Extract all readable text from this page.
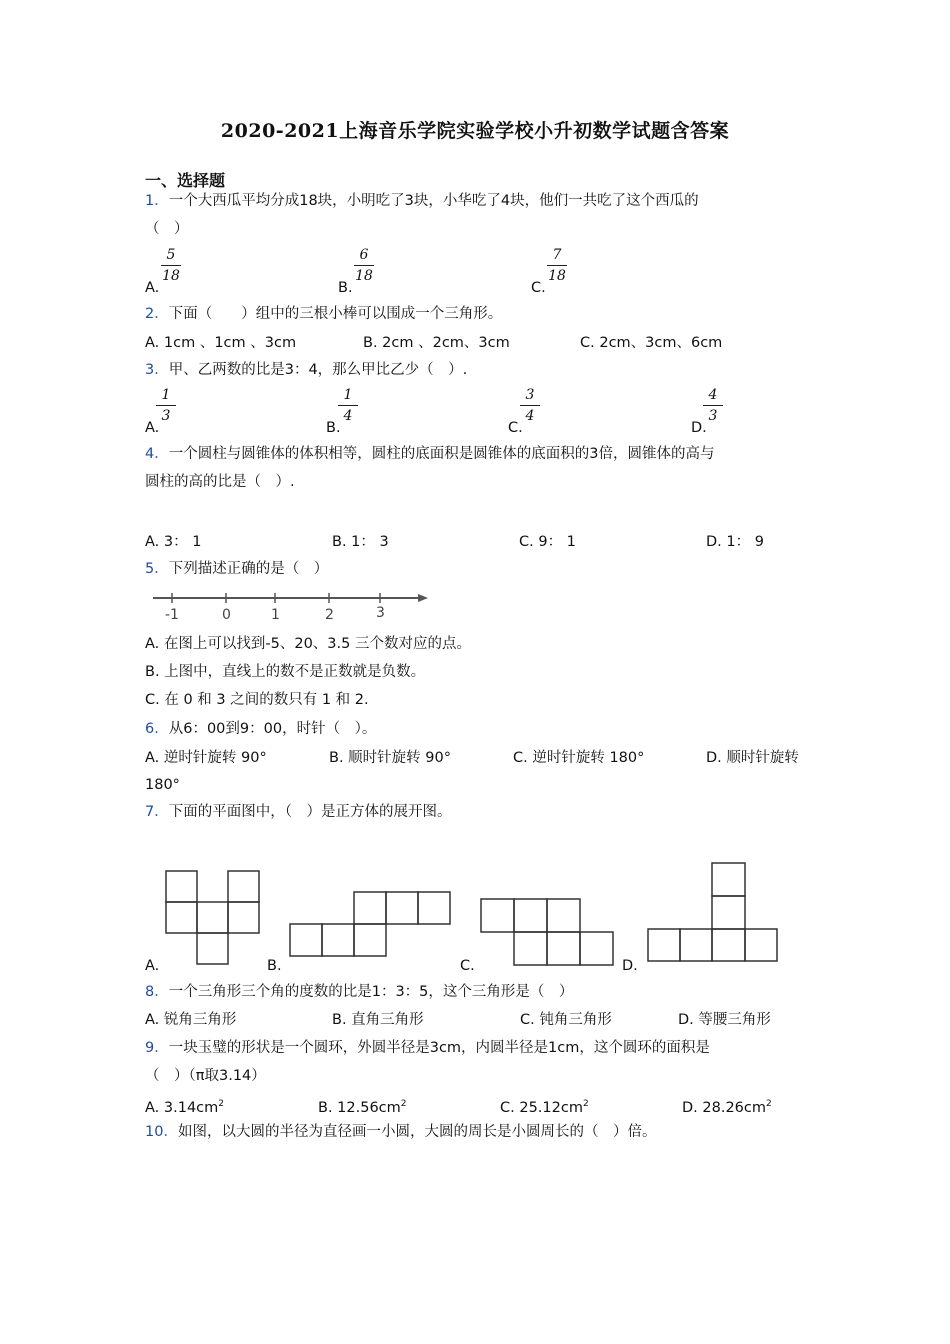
2020-2021上海音乐学院实验学校小升初数学试题含答案
一、选择题
1．一个大西瓜平均分成18块，小明吃了3块，小华吃了4块，他们一共吃了这个西瓜的
（　）
A.
5
18
B.
6
18
C.
7
18
2．下面（　　）组中的三根小棒可以围成一个三角形。
A. 1cm 、1cm 、3cm	B. 2cm 、2cm、3cm	C. 2cm、3cm、6cm
3．甲、乙两数的比是3：4，那么甲比乙少（　）.
A.
1
3
B.
1
4
C.
3
4
D.
4
3
4．一个圆柱与圆锥体的体积相等，圆柱的底面积是圆锥体的底面积的3倍，圆锥体的高与
圆柱的高的比是（　）.
A. 3： 1	B. 1： 3	C. 9： 1	D. 1： 9
5．下列描述正确的是（　）
-1	0	1	2	3
A. 在图上可以找到-5、20、3.5 三个数对应的点。
B. 上图中，直线上的数不是正数就是负数。
C. 在 0 和 3 之间的数只有 1 和 2.
6．从6：00到9：00，时针（　）。
A. 逆时针旋转 90°	B. 顺时针旋转 90°	C. 逆时针旋转 180°	D. 顺时针旋转
180°
7．下面的平面图中，（　）是正方体的展开图。
A.	B.	C.	D.
8．一个三角形三个角的度数的比是1：3：5，这个三角形是（　）
A. 锐角三角形	B. 直角三角形	C. 钝角三角形	D. 等腰三角形
9．一块玉璧的形状是一个圆环，外圆半径是3cm，内圆半径是1cm，这个圆环的面积是
（　）（π取3.14）
A. $3.14cm^2$	B. $12.56cm^2$	C. $25.12cm^2$	D. $28.26cm^2$
10．如图，以大圆的半径为直径画一小圆，大圆的周长是小圆周长的（　）倍。
